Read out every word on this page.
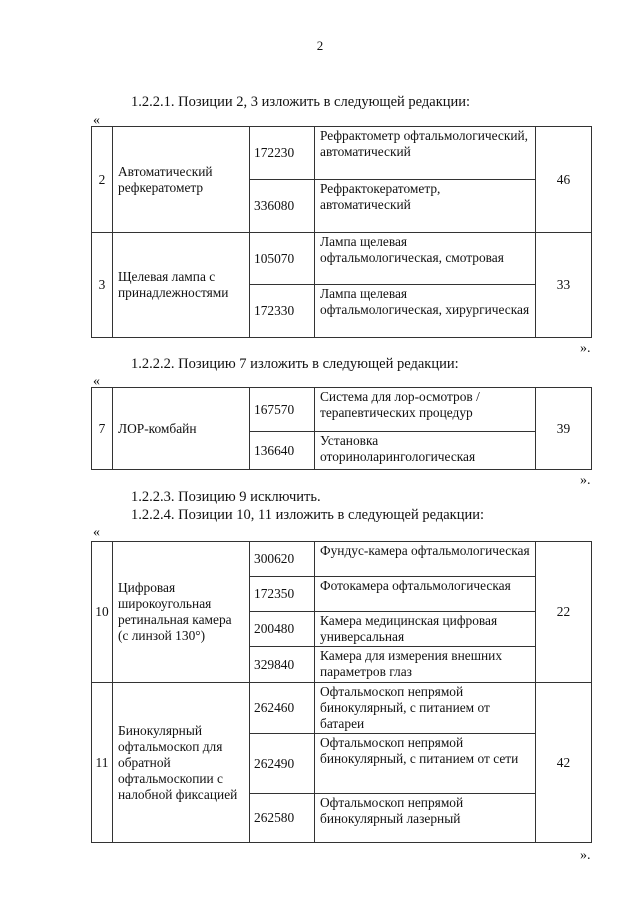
2
1.2.2.1. Позиции 2, 3 изложить в следующей редакции:
«
2	Автоматический рефкератометр	172230	Рефрактометр офтальмологический, автоматический	46
		336080	Рефрактокератометр, автоматический	
3	Щелевая лампа с принадлежностями	105070	Лампа щелевая офтальмологическая, смотровая	33
		172330	Лампа щелевая офтальмологическая, хирургическая	
».
1.2.2.2. Позицию 7 изложить в следующей редакции:
«
7	ЛОР-комбайн	167570	Система для лор-осмотров /терапевтических процедур	39
		136640	Установка оториноларингологическая	
».
1.2.2.3. Позицию 9 исключить.
1.2.2.4. Позиции 10, 11 изложить в следующей редакции:
«
10	Цифровая широкоугольная ретинальная камера (с линзой 130°)	300620	Фундус-камера офтальмологическая	22
		172350	Фотокамера офтальмологическая	
		200480	Камера медицинская цифровая универсальная	
		329840	Камера для измерения внешних параметров глаз	
11	Бинокулярный офтальмоскоп для обратной офтальмоскопии с налобной фиксацией	262460	Офтальмоскоп непрямой бинокулярный, с питанием от батареи	42
		262490	Офтальмоскоп непрямой бинокулярный, с питанием от сети	
		262580	Офтальмоскоп непрямой бинокулярный лазерный	
».
